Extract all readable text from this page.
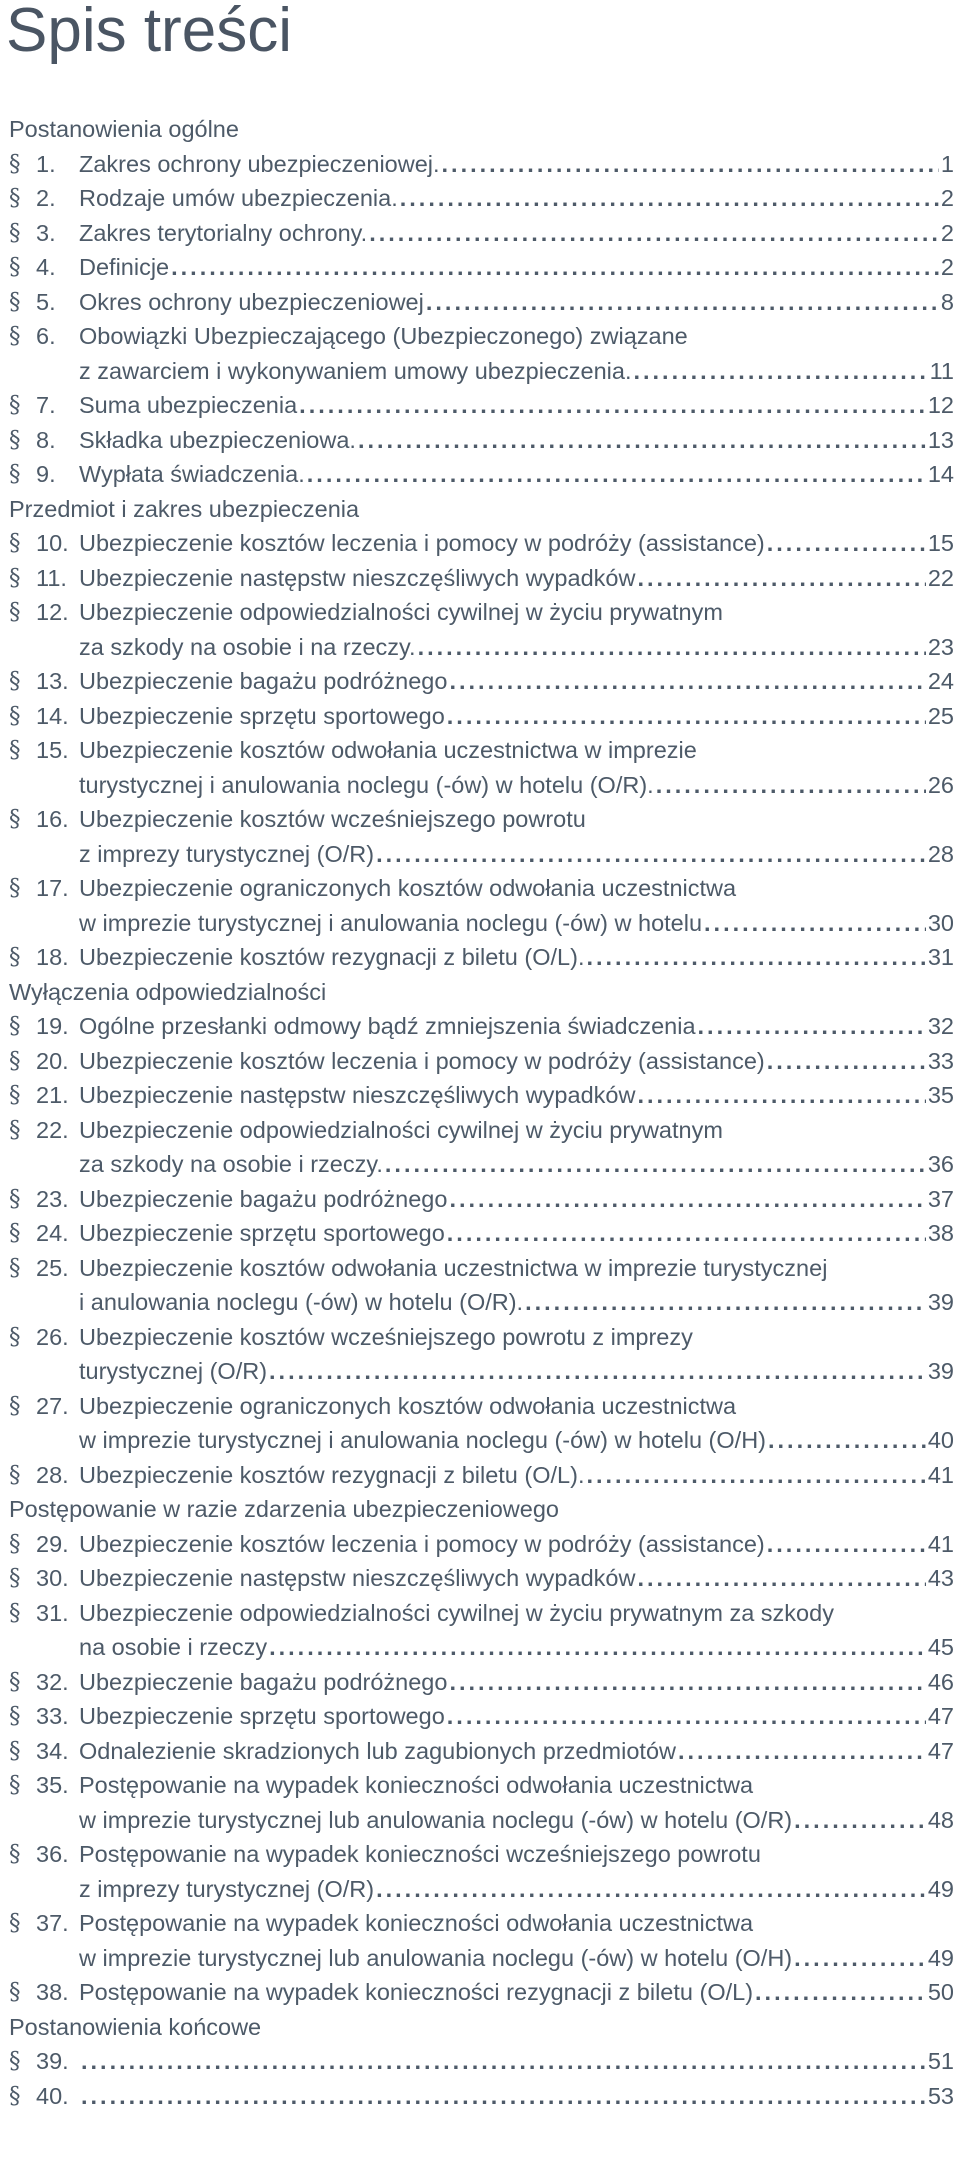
Spis treści
Postanowienia ogólne
§ 1. Zakres ochrony ubezpieczeniowej. .....	1
§ 2. Rodzaje umów ubezpieczenia. .....	2
§ 3. Zakres terytorialny ochrony. .....	2
§ 4. Definicje .....	2
§ 5. Okres ochrony ubezpieczeniowej .....	8
§ 6. Obowiązki Ubezpieczającego (Ubezpieczonego) związane
z zawarciem i wykonywaniem umowy ubezpieczenia. .....	11
§ 7. Suma ubezpieczenia .....	12
§ 8. Składka ubezpieczeniowa. .....	13
§ 9. Wypłata świadczenia. .....	14
Przedmiot i zakres ubezpieczenia
§ 10. Ubezpieczenie kosztów leczenia i pomocy w podróży (assistance) .....	15
§ 11. Ubezpieczenie następstw nieszczęśliwych wypadków .....	22
§ 12. Ubezpieczenie odpowiedzialności cywilnej w życiu prywatnym
za szkody na osobie i na rzeczy. .....	23
§ 13. Ubezpieczenie bagażu podróżnego .....	24
§ 14. Ubezpieczenie sprzętu sportowego .....	25
§ 15. Ubezpieczenie kosztów odwołania uczestnictwa w imprezie
turystycznej i anulowania noclegu (-ów) w hotelu (O/R). .....	26
§ 16. Ubezpieczenie kosztów wcześniejszego powrotu
z imprezy turystycznej (O/R) .....	28
§ 17. Ubezpieczenie ograniczonych kosztów odwołania uczestnictwa
w imprezie turystycznej i anulowania noclegu (-ów) w hotelu .....	30
§ 18. Ubezpieczenie kosztów rezygnacji z biletu (O/L). .....	31
Wyłączenia odpowiedzialności
§ 19. Ogólne przesłanki odmowy bądź zmniejszenia świadczenia .....	32
§ 20. Ubezpieczenie kosztów leczenia i pomocy w podróży (assistance) .....	33
§ 21. Ubezpieczenie następstw nieszczęśliwych wypadków .....	35
§ 22. Ubezpieczenie odpowiedzialności cywilnej w życiu prywatnym
za szkody na osobie i rzeczy. .....	36
§ 23. Ubezpieczenie bagażu podróżnego .....	37
§ 24. Ubezpieczenie sprzętu sportowego .....	38
§ 25. Ubezpieczenie kosztów odwołania uczestnictwa w imprezie turystycznej
i anulowania noclegu (-ów) w hotelu (O/R). .....	39
§ 26. Ubezpieczenie kosztów wcześniejszego powrotu z imprezy
turystycznej (O/R) .....	39
§ 27. Ubezpieczenie ograniczonych kosztów odwołania uczestnictwa
w imprezie turystycznej i anulowania noclegu (-ów) w hotelu (O/H) .....	40
§ 28. Ubezpieczenie kosztów rezygnacji z biletu (O/L). .....	41
Postępowanie w razie zdarzenia ubezpieczeniowego
§ 29. Ubezpieczenie kosztów leczenia i pomocy w podróży (assistance) .....	41
§ 30. Ubezpieczenie następstw nieszczęśliwych wypadków .....	43
§ 31. Ubezpieczenie odpowiedzialności cywilnej w życiu prywatnym za szkody
na osobie i rzeczy .....	45
§ 32. Ubezpieczenie bagażu podróżnego .....	46
§ 33. Ubezpieczenie sprzętu sportowego .....	47
§ 34. Odnalezienie skradzionych lub zagubionych przedmiotów .....	47
§ 35. Postępowanie na wypadek konieczności odwołania uczestnictwa
w imprezie turystycznej lub anulowania noclegu (-ów) w hotelu (O/R) .....	48
§ 36. Postępowanie na wypadek konieczności wcześniejszego powrotu
z imprezy turystycznej (O/R) .....	49
§ 37. Postępowanie na wypadek konieczności odwołania uczestnictwa
w imprezie turystycznej lub anulowania noclegu (-ów) w hotelu (O/H) .....	49
§ 38. Postępowanie na wypadek konieczności rezygnacji z biletu (O/L) .....	50
Postanowienia końcowe
§ 39. .....	51
§ 40. .....	53
